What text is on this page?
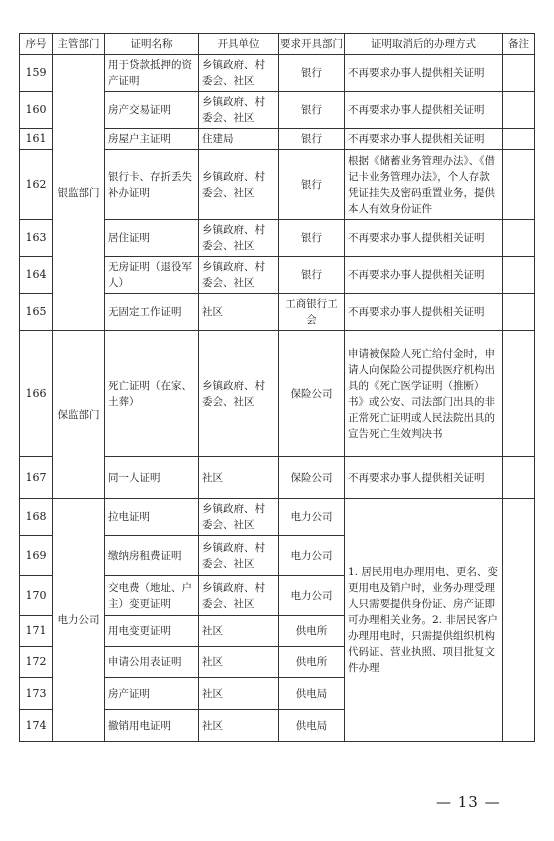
序号	主管部门	证明名称	开具单位	要求开具部门	证明取消后的办理方式	备注
159	银监部门	用于贷款抵押的资产证明	乡镇政府、村委会、社区	银行	不再要求办事人提供相关证明	
160		房产交易证明	乡镇政府、村委会、社区	银行	不再要求办事人提供相关证明	
161		房屋户主证明	住建局	银行	不再要求办事人提供相关证明	
162		银行卡、存折丢失补办证明	乡镇政府、村委会、社区	银行	根据《储蓄业务管理办法》、《借记卡业务管理办法》，个人存款凭证挂失及密码重置业务，提供本人有效身份证件	
163		居住证明	乡镇政府、村委会、社区	银行	不再要求办事人提供相关证明	
164		无房证明（退役军人）	乡镇政府、村委会、社区	银行	不再要求办事人提供相关证明	
165		无固定工作证明	社区	工商银行工会	不再要求办事人提供相关证明	
166	保监部门	死亡证明（在家、土葬）	乡镇政府、村委会、社区	保险公司	申请被保险人死亡给付金时，申请人向保险公司提供医疗机构出具的《死亡医学证明（推断）书》或公安、司法部门出具的非正常死亡证明或人民法院出具的宣告死亡生效判决书	
167		同一人证明	社区	保险公司	不再要求办事人提供相关证明	
168	电力公司	拉电证明	乡镇政府、村委会、社区	电力公司	1. 居民用电办理用电、更名、变更用电及销户时，业务办理受理人只需要提供身份证、房产证即可办理相关业务。2. 非居民客户办理用电时，只需提供组织机构代码证、营业执照、项目批复文件办理	
169		缴纳房租费证明	乡镇政府、村委会、社区	电力公司		
170		交电费（地址、户主）变更证明	乡镇政府、村委会、社区	电力公司		
171		用电变更证明	社区	供电所		
172		申请公用表证明	社区	供电所		
173		房产证明	社区	供电局		
174		撤销用电证明	社区	供电局		
— 13 —
